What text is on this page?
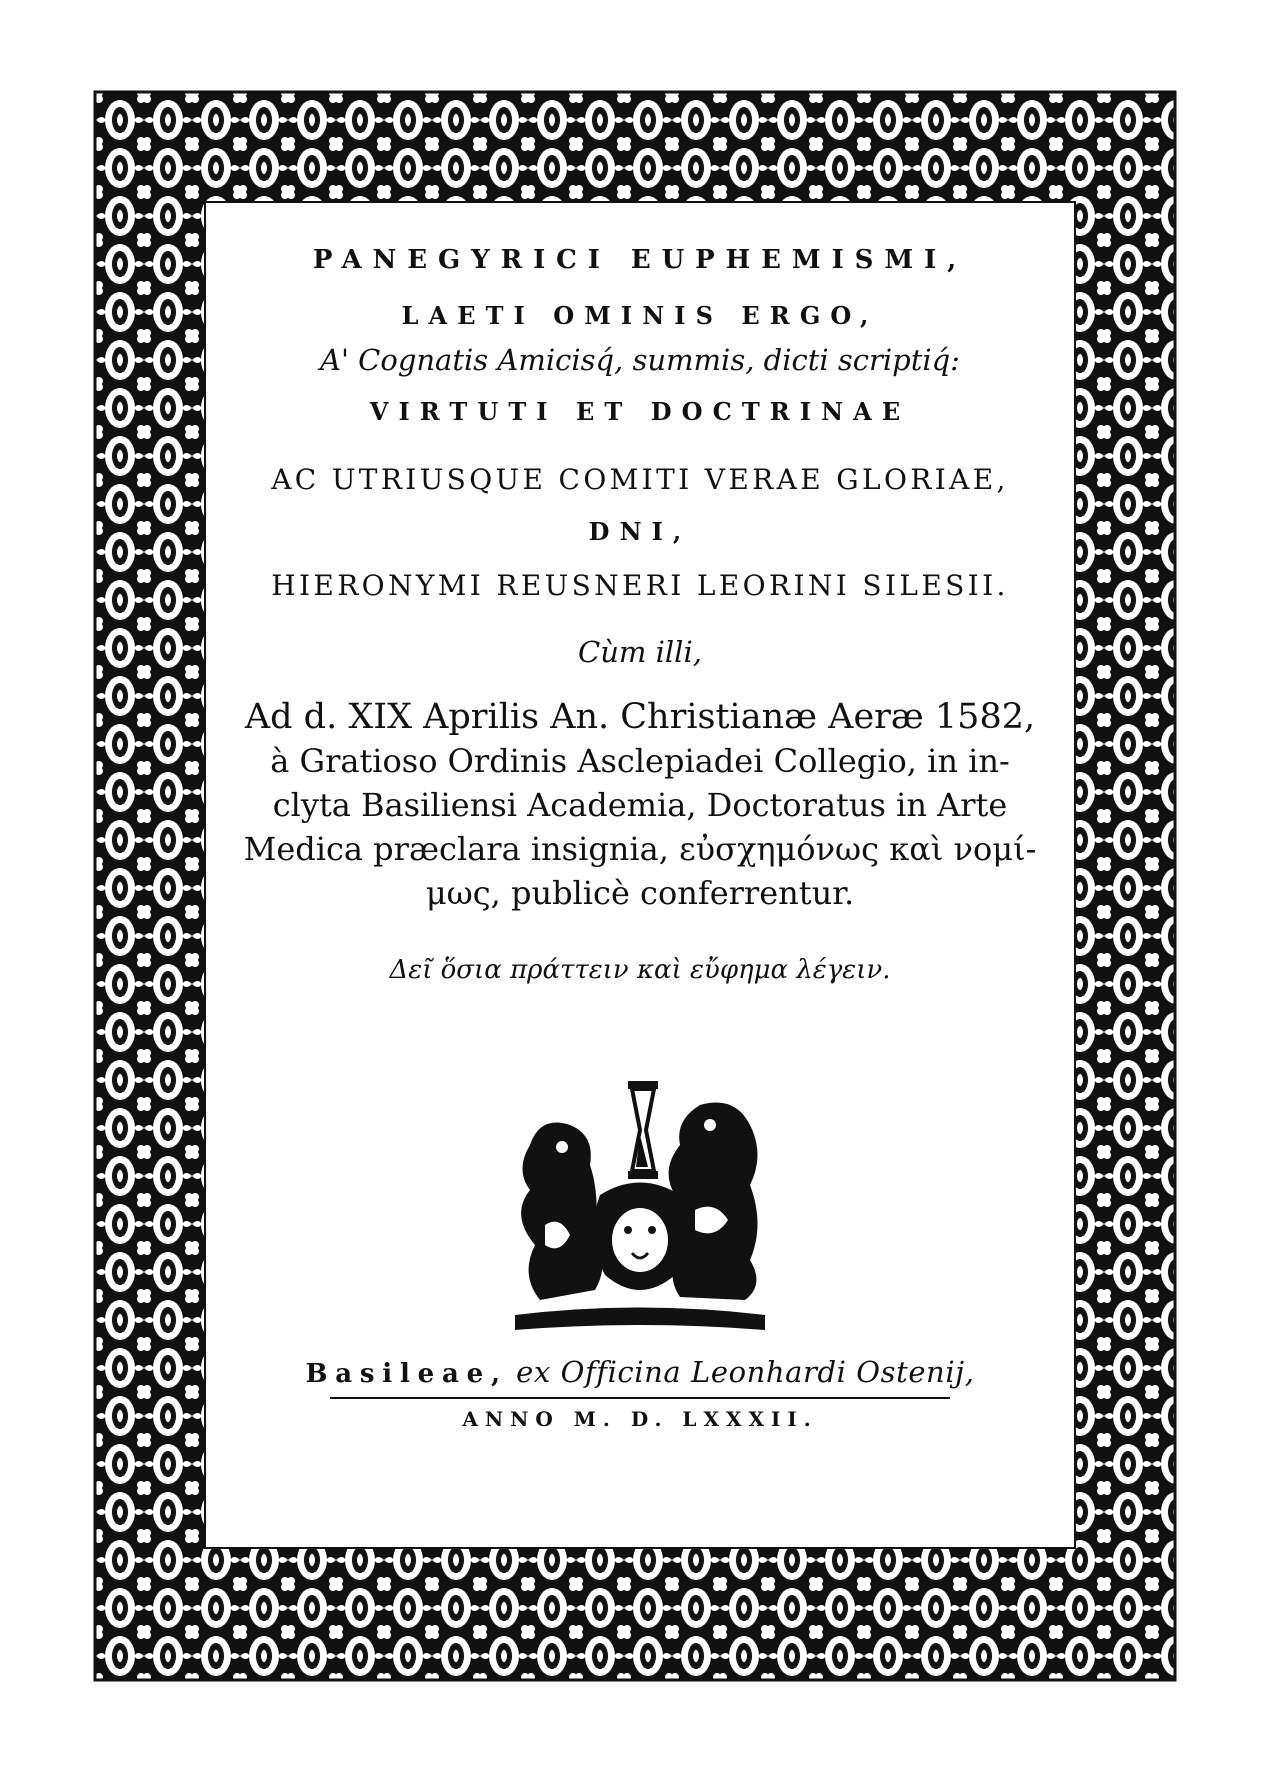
PANEGYRICI EUPHEMISMI,
LAETI OMINIS ERGO,
A' Cognatis Amicisq́, summis, dicti scriptiq́:
VIRTUTI ET DOCTRINAE
AC UTRIUSQUE COMITI VERAE GLORIAE,
DNI,
HIERONYMI REUSNERI LEORINI SILESII.
Cùm illi,
Ad d. XIX Aprilis An. Christianæ Aeræ 1582,
à Gratioso Ordinis Asclepiadei Collegio, in in-
clyta Basiliensi Academia, Doctoratus in Arte
Medica præclara insignia, εὐσχημόνως καὶ νομί-
μως, publicè conferrentur.
Δεῖ ὅσια πράττειν καὶ εὔφημα λέγειν.
Basileae, ex Officina Leonhardi Ostenij,
ANNO M. D. LXXXII.
